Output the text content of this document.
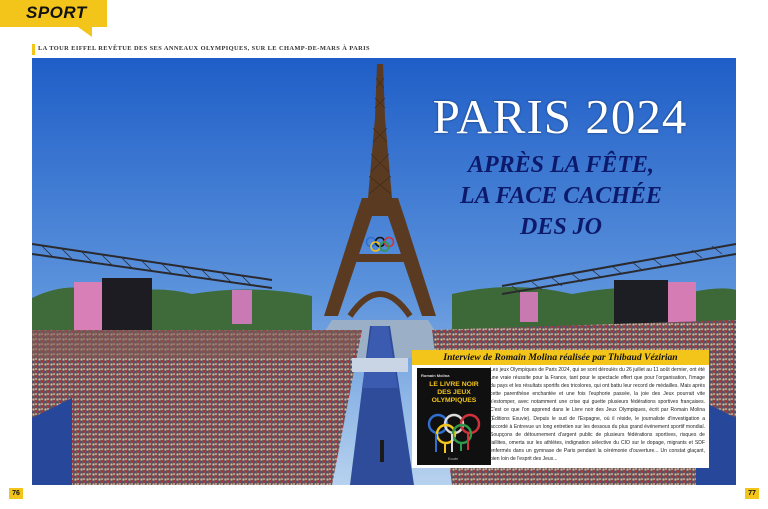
SPORT
LA TOUR EIFFEL REVÊTUE DES SES ANNEAUX OLYMPIQUES, SUR LE CHAMP-DE-MARS À PARIS
PARIS 2024
APRÈS LA FÊTE,
LA FACE CACHÉE
DES JO
Interview de Romain Molina réalisée par Thibaud Vézirian
Romain Molina
LE LIVRE NOIR
DES JEUX
OLYMPIQUES
Exuvie
Les jeux Olympiques de Paris 2024, qui se sont déroulés du 26 juillet au 11 août dernier, ont été une vraie réussite pour la France, tant pour le spectacle offert que pour l'organisation, l'image du pays et les résultats sportifs des tricolores, qui ont battu leur record de médailles. Mais après cette parenthèse enchantée et une fois l'euphorie passée, la joie des Jeux pourrait vite s'estomper, avec notamment une crise qui guette plusieurs fédérations sportives françaises. C'est ce que l'on apprend dans le Livre noir des Jeux Olympiques, écrit par Romain Molina (Éditions Exuvie). Depuis le sud de l'Espagne, où il réside, le journaliste d'investigation a accordé à Entrevue un long entretien sur les dessous du plus grand événement sportif mondial. Soupçons de détournement d'argent public de plusieurs fédérations sportives, risques de faillites, omerta sur les athlètes, indignation sélective du CIO sur le dopage, migrants et SDF enfermés dans un gymnase de Paris pendant la cérémonie d'ouverture... Un constat glaçant, bien loin de l'esprit des Jeux...
76	77
